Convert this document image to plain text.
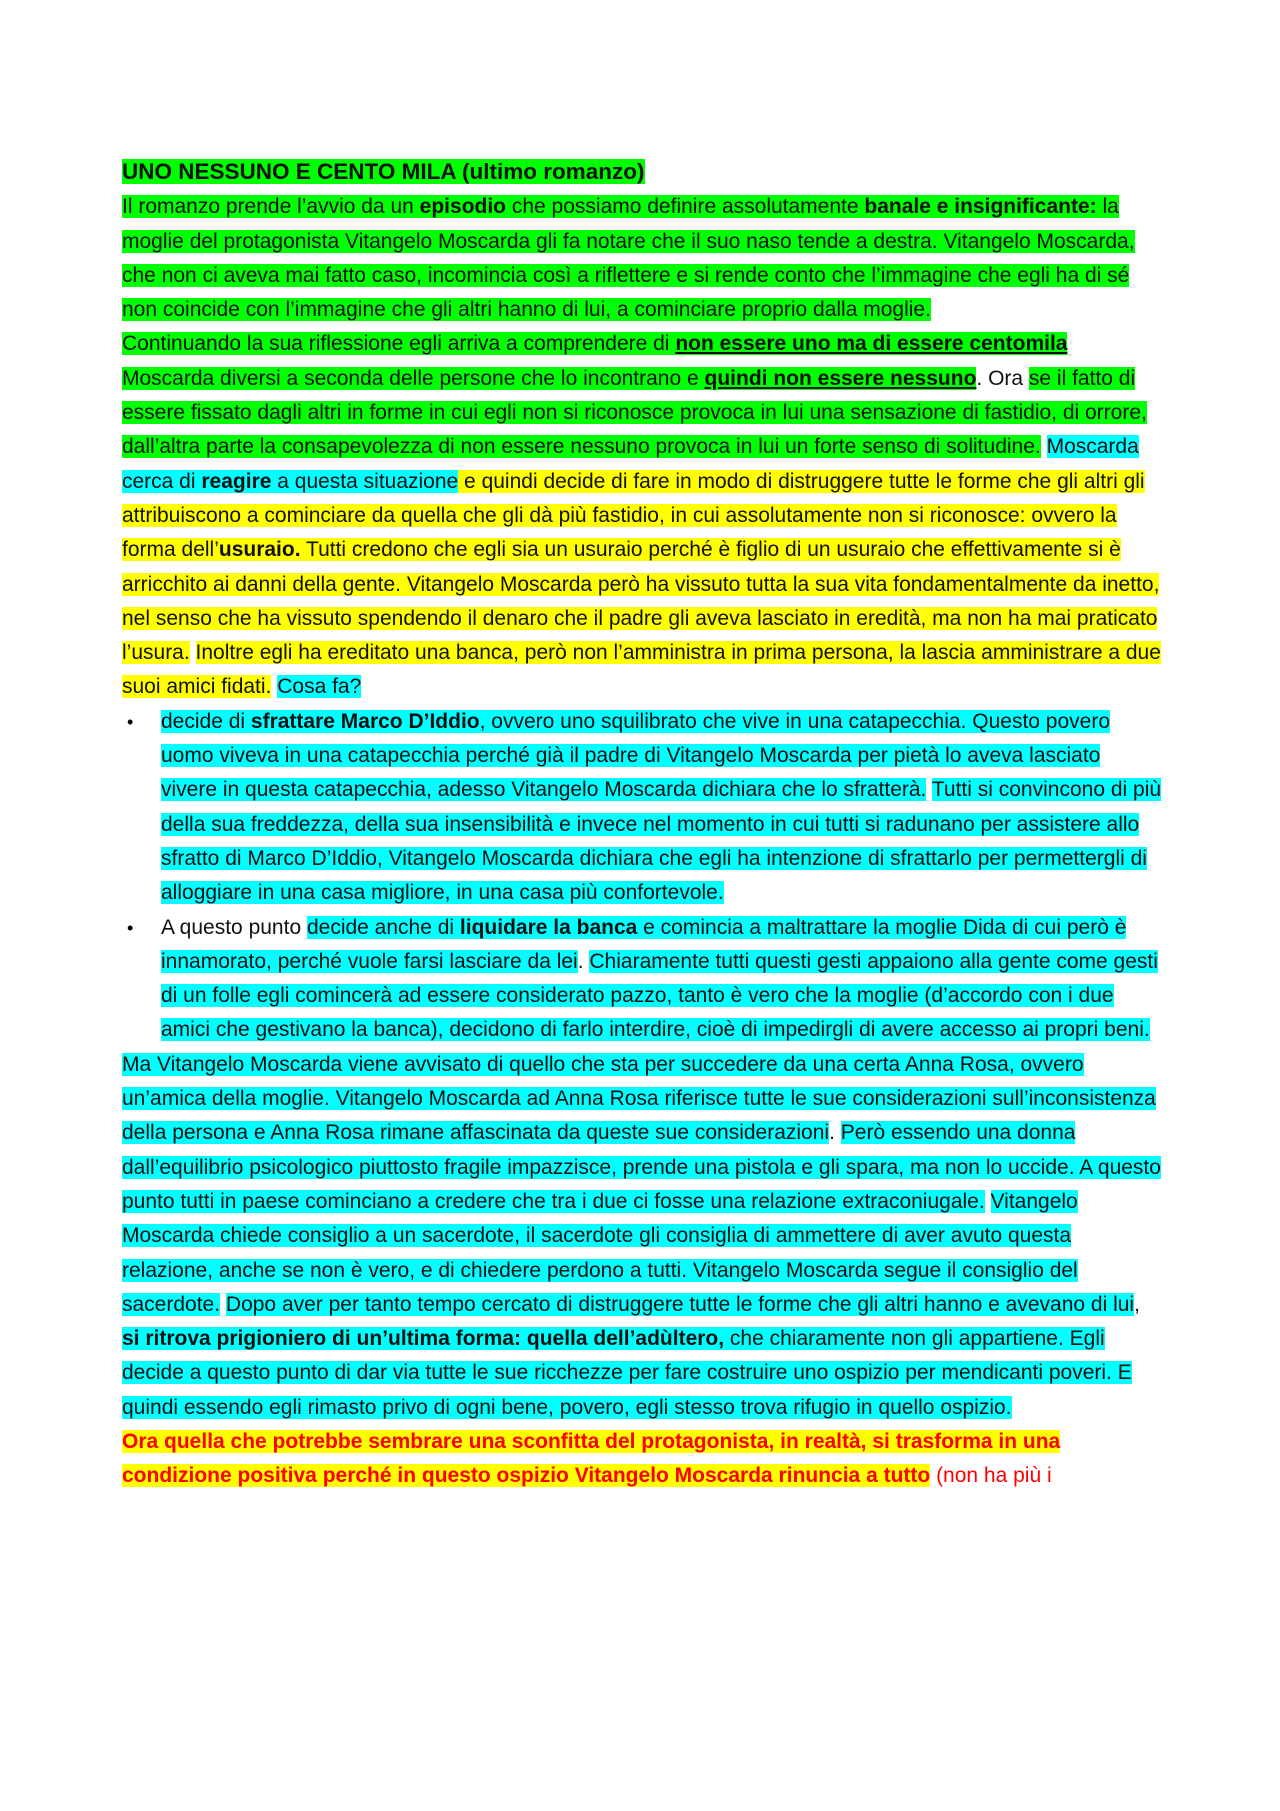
UNO NESSUNO E CENTO MILA (ultimo romanzo)

Il romanzo prende l’avvio da un episodio che possiamo definire assolutamente banale e insignificante: la moglie del protagonista Vitangelo Moscarda gli fa notare che il suo naso tende a destra. Vitangelo Moscarda, che non ci aveva mai fatto caso, incomincia così a riflettere e si rende conto che l’immagine che egli ha di sé non coincide con l’immagine che gli altri hanno di lui, a cominciare proprio dalla moglie.

Continuando la sua riflessione egli arriva a comprendere di non essere uno ma di essere centomila Moscarda diversi a seconda delle persone che lo incontrano e quindi non essere nessuno. Ora se il fatto di essere fissato dagli altri in forme in cui egli non si riconosce provoca in lui una sensazione di fastidio, di orrore, dall’altra parte la consapevolezza di non essere nessuno provoca in lui un forte senso di solitudine. Moscarda cerca di reagire a questa situazione e quindi decide di fare in modo di distruggere tutte le forme che gli altri gli attribuiscono a cominciare da quella che gli dà più fastidio, in cui assolutamente non si riconosce: ovvero la forma dell’usuraio. Tutti credono che egli sia un usuraio perché è figlio di un usuraio che effettivamente si è arricchito ai danni della gente. Vitangelo Moscarda però ha vissuto tutta la sua vita fondamentalmente da inetto, nel senso che ha vissuto spendendo il denaro che il padre gli aveva lasciato in eredità, ma non ha mai praticato l’usura. Inoltre egli ha ereditato una banca, però non l’amministra in prima persona, la lascia amministrare a due suoi amici fidati. Cosa fa?

• decide di sfrattare Marco D’Iddio, ovvero uno squilibrato che vive in una catapecchia. Questo povero uomo viveva in una catapecchia perché già il padre di Vitangelo Moscarda per pietà lo aveva lasciato vivere in questa catapecchia, adesso Vitangelo Moscarda dichiara che lo sfratterà. Tutti si convincono di più della sua freddezza, della sua insensibilità e invece nel momento in cui tutti si radunano per assistere allo sfratto di Marco D’Iddio, Vitangelo Moscarda dichiara che egli ha intenzione di sfrattarlo per permettergli di alloggiare in una casa migliore, in una casa più confortevole.
• A questo punto decide anche di liquidare la banca e comincia a maltrattare la moglie Dida di cui però è innamorato, perché vuole farsi lasciare da lei. Chiaramente tutti questi gesti appaiono alla gente come gesti di un folle egli comincerà ad essere considerato pazzo, tanto è vero che la moglie (d’accordo con i due amici che gestivano la banca), decidono di farlo interdire, cioè di impedirgli di avere accesso ai propri beni.

Ma Vitangelo Moscarda viene avvisato di quello che sta per succedere da una certa Anna Rosa, ovvero un’amica della moglie. Vitangelo Moscarda ad Anna Rosa riferisce tutte le sue considerazioni sull’inconsistenza della persona e Anna Rosa rimane affascinata da queste sue considerazioni. Però essendo una donna dall’equilibrio psicologico piuttosto fragile impazzisce, prende una pistola e gli spara, ma non lo uccide. A questo punto tutti in paese cominciano a credere che tra i due ci fosse una relazione extraconiugale. Vitangelo Moscarda chiede consiglio a un sacerdote, il sacerdote gli consiglia di ammettere di aver avuto questa relazione, anche se non è vero, e di chiedere perdono a tutti. Vitangelo Moscarda segue il consiglio del sacerdote. Dopo aver per tanto tempo cercato di distruggere tutte le forme che gli altri hanno e avevano di lui, si ritrova prigioniero di un’ultima forma: quella dell’adùltero, che chiaramente non gli appartiene. Egli decide a questo punto di dar via tutte le sue ricchezze per fare costruire uno ospizio per mendicanti poveri. E quindi essendo egli rimasto privo di ogni bene, povero, egli stesso trova rifugio in quello ospizio.

Ora quella che potrebbe sembrare una sconfitta del protagonista, in realtà, si trasforma in una condizione positiva perché in questo ospizio Vitangelo Moscarda rinuncia a tutto (non ha più i
